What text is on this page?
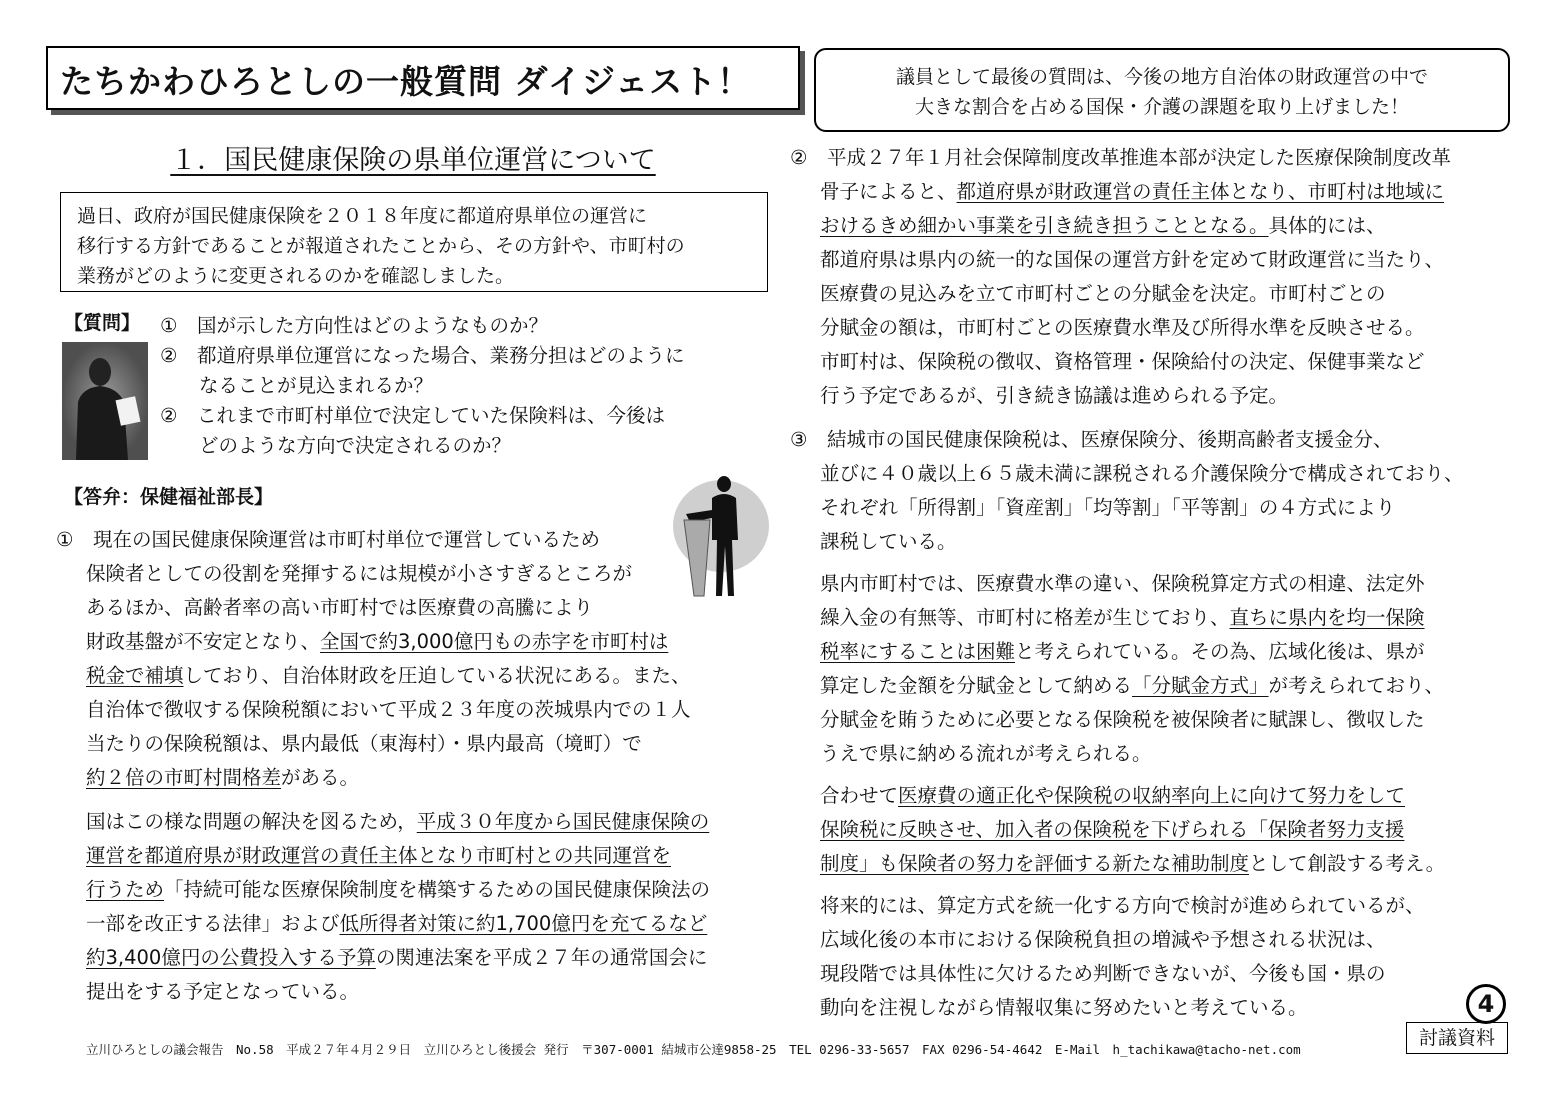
たちかわひろとしの一般質問 ダイジェスト！	議員として最後の質問は、今後の地方自治体の財政運営の中で
大きな割合を占める国保・介護の課題を取り上げました！
１．国民健康保険の県単位運営について
過日、政府が国民健康保険を２０１８年度に都道府県単位の運営に
移行する方針であることが報道されたことから、その方針や、市町村の
業務がどのように変更されるのかを確認しました。
【質問】 ①　国が示した方向性はどのようなものか？
②　都道府県単位運営になった場合、業務分担はどのように
　　なることが見込まれるか？
②　これまで市町村単位で決定していた保険料は、今後は
　　どのような方向で決定されるのか？
【答弁：保健福祉部長】
①　現在の国民健康保険運営は市町村単位で運営しているため
保険者としての役割を発揮するには規模が小さすぎるところが
あるほか、高齢者率の高い市町村では医療費の高騰により
財政基盤が不安定となり、全国で約3,000億円もの赤字を市町村は
税金で補填しており、自治体財政を圧迫している状況にある。また、
自治体で徴収する保険税額において平成２３年度の茨城県内での１人
当たりの保険税額は、県内最低（東海村）・県内最高（境町）で
約２倍の市町村間格差がある。
国はこの様な問題の解決を図るため，平成３０年度から国民健康保険の
運営を都道府県が財政運営の責任主体となり市町村との共同運営を
行うため「持続可能な医療保険制度を構築するための国民健康保険法の
一部を改正する法律」および低所得者対策に約1,700億円を充てるなど
約3,400億円の公費投入する予算の関連法案を平成２７年の通常国会に
提出をする予定となっている。
②　平成２７年１月社会保障制度改革推進本部が決定した医療保険制度改革
骨子によると、都道府県が財政運営の責任主体となり、市町村は地域に
おけるきめ細かい事業を引き続き担うこととなる。具体的には、
都道府県は県内の統一的な国保の運営方針を定めて財政運営に当たり、
医療費の見込みを立て市町村ごとの分賦金を決定。市町村ごとの
分賦金の額は，市町村ごとの医療費水準及び所得水準を反映させる。
市町村は、保険税の徴収、資格管理・保険給付の決定、保健事業など
行う予定であるが、引き続き協議は進められる予定。
③　結城市の国民健康保険税は、医療保険分、後期高齢者支援金分、
並びに４０歳以上６５歳未満に課税される介護保険分で構成されており、
それぞれ「所得割」「資産割」「均等割」「平等割」の４方式により
課税している。
県内市町村では、医療費水準の違い、保険税算定方式の相違、法定外
繰入金の有無等、市町村に格差が生じており、直ちに県内を均一保険
税率にすることは困難と考えられている。その為、広域化後は、県が
算定した金額を分賦金として納める「分賦金方式」が考えられており、
分賦金を賄うために必要となる保険税を被保険者に賦課し、徴収した
うえで県に納める流れが考えられる。
合わせて医療費の適正化や保険税の収納率向上に向けて努力をして
保険税に反映させ、加入者の保険税を下げられる「保険者努力支援
制度」も保険者の努力を評価する新たな補助制度として創設する考え。
将来的には、算定方式を統一化する方向で検討が進められているが、
広域化後の本市における保険税負担の増減や予想される状況は、
現段階では具体性に欠けるため判断できないが、今後も国・県の
動向を注視しながら情報収集に努めたいと考えている。	4
討議資料
立川ひろとしの議会報告　No.58　平成２７年４月２９日　立川ひろとし後援会 発行　〒307-0001 結城市公達9858-25　TEL 0296-33-5657　FAX 0296-54-4642　E-Mail　h_tachikawa@tacho-net.com
